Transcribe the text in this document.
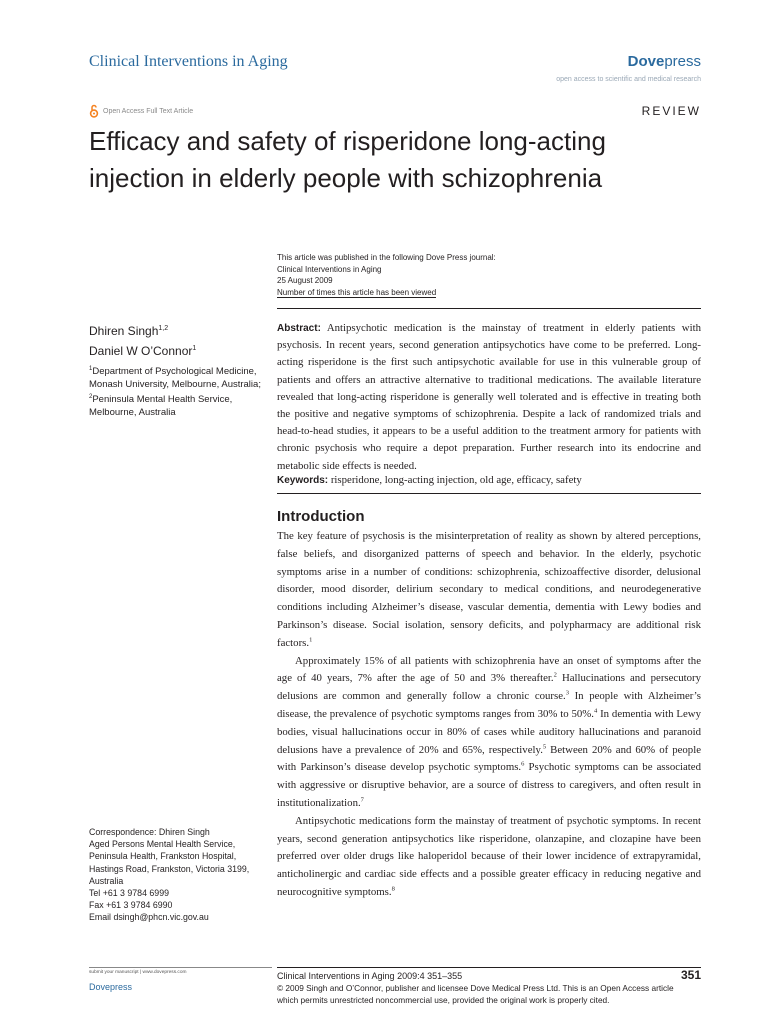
Clinical Interventions in Aging	Dovepress
open access to scientific and medical research
Open Access Full Text Article	REVIEW
Efficacy and safety of risperidone long-acting
injection in elderly people with schizophrenia
This article was published in the following Dove Press journal:
Clinical Interventions in Aging
25 August 2009
Number of times this article has been viewed
Dhiren Singh$^{1,2}$
Daniel W O’Connor$^1$
$^1$Department of Psychological Medicine, Monash University, Melbourne, Australia; $^2$Peninsula Mental Health Service, Melbourne, Australia
Abstract: Antipsychotic medication is the mainstay of treatment in elderly patients with psychosis. In recent years, second generation antipsychotics have come to be preferred. Long-acting risperidone is the first such antipsychotic available for use in this vulnerable group of patients and offers an attractive alternative to traditional medications. The available literature revealed that long-acting risperidone is generally well tolerated and is effective in treating both the positive and negative symptoms of schizophrenia. Despite a lack of randomized trials and head-to-head studies, it appears to be a useful addition to the treatment armory for patients with chronic psychosis who require a depot preparation. Further research into its endocrine and metabolic side effects is needed.
Keywords: risperidone, long-acting injection, old age, efficacy, safety
Introduction

The key feature of psychosis is the misinterpretation of reality as shown by altered perceptions, false beliefs, and disorganized patterns of speech and behavior. In the elderly, psychotic symptoms arise in a number of conditions: schizophrenia, schizoaffective disorder, delusional disorder, mood disorder, delirium secondary to medical conditions, and neurodegenerative conditions including Alzheimer’s disease, vascular dementia, dementia with Lewy bodies and Parkinson’s disease. Social isolation, sensory deficits, and polypharmacy are additional risk factors.$^1$

Approximately 15% of all patients with schizophrenia have an onset of symptoms after the age of 40 years, 7% after the age of 50 and 3% thereafter.$^2$ Hallucinations and persecutory delusions are common and generally follow a chronic course.$^3$ In people with Alzheimer’s disease, the prevalence of psychotic symptoms ranges from 30% to 50%.$^4$ In dementia with Lewy bodies, visual hallucinations occur in 80% of cases while auditory hallucinations and paranoid delusions have a prevalence of 20% and 65%, respectively.$^5$ Between 20% and 60% of people with Parkinson’s disease develop psychotic symptoms.$^6$ Psychotic symptoms can be associated with aggressive or disruptive behavior, are a source of distress to caregivers, and often result in institutionalization.$^7$

Antipsychotic medications form the mainstay of treatment of psychotic symptoms. In recent years, second generation antipsychotics like risperidone, olanzapine, and clozapine have been preferred over older drugs like haloperidol because of their lower incidence of extrapyramidal, anticholinergic and cardiac side effects and a possible greater efficacy in reducing negative and neurocognitive symptoms.$^8$

Correspondence: Dhiren Singh
Aged Persons Mental Health Service,
Peninsula Health, Frankston Hospital,
Hastings Road, Frankston, Victoria 3199,
Australia
Tel +61 3 9784 6999
Fax +61 3 9784 6990
Email dsingh@phcn.vic.gov.au
submit your manuscript | www.dovepress.com
Dovepress
Clinical Interventions in Aging 2009:4 351–355	351
© 2009 Singh and O’Connor, publisher and licensee Dove Medical Press Ltd. This is an Open Access article
which permits unrestricted noncommercial use, provided the original work is properly cited.
